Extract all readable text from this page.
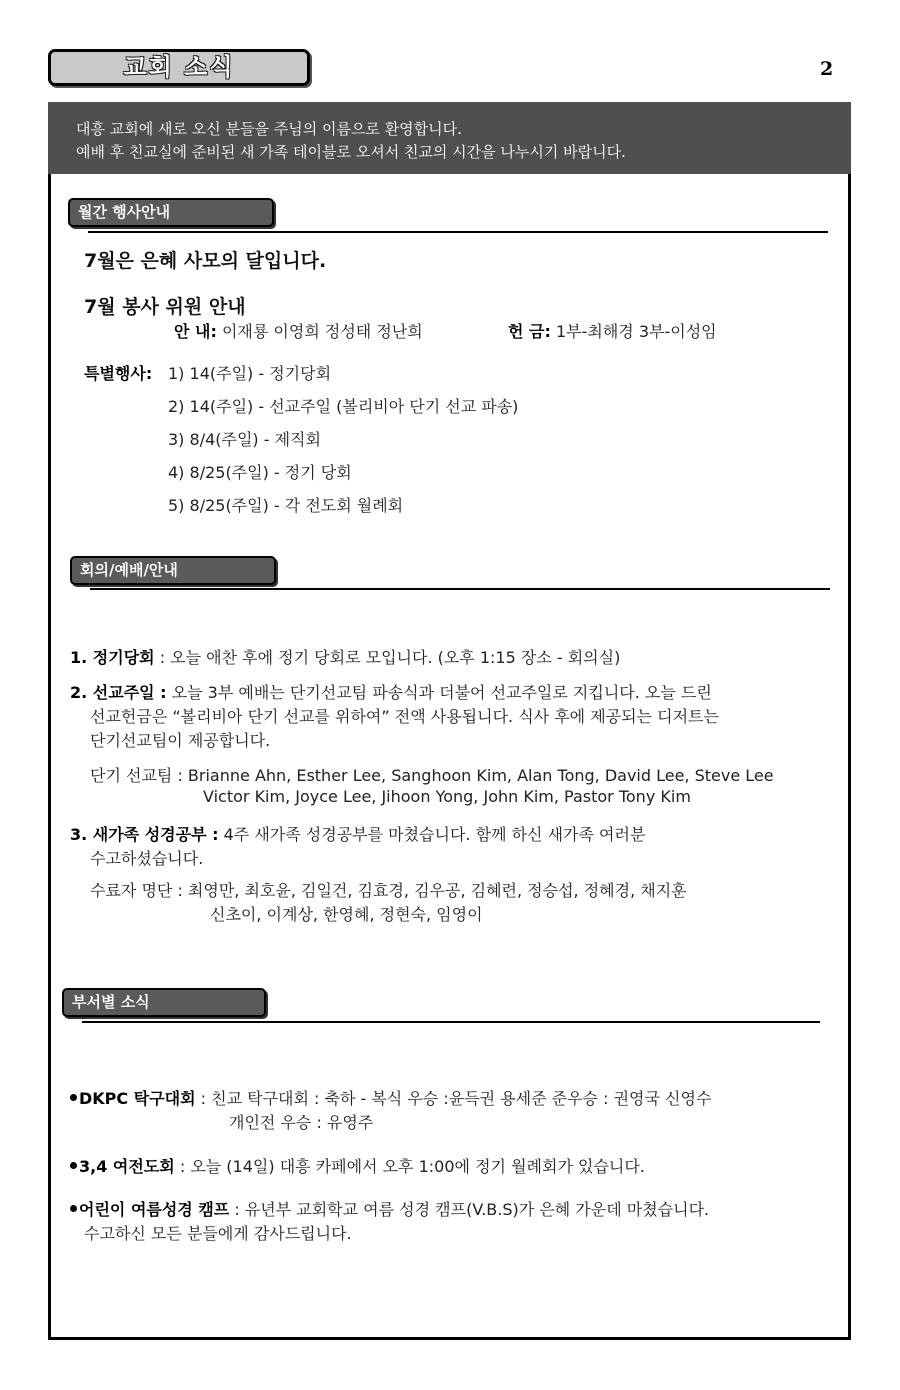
교회 소식	2
대흥 교회에 새로 오신 분들을 주님의 이름으로 환영합니다.
예배 후 친교실에 준비된 새 가족 테이블로 오셔서 친교의 시간을 나누시기 바랍니다.
월간 행사안내
7월은 은혜 사모의 달입니다.
7월 봉사 위원 안내
안 내: 이재룡 이영희 정성태 정난희	헌 금: 1부-최해경 3부-이성임
특별행사: 1) 14(주일) - 정기당회
2) 14(주일) - 선교주일 (볼리비아 단기 선교 파송)
3) 8/4(주일) - 제직회
4) 8/25(주일) - 정기 당회
5) 8/25(주일) - 각 전도회 월례회
회의/예배/안내
1. 정기당회 : 오늘 애찬 후에 정기 당회로 모입니다. (오후 1:15 장소 - 회의실)
2. 선교주일 : 오늘 3부 예배는 단기선교팀 파송식과 더불어 선교주일로 지킵니다. 오늘 드린
선교헌금은 “볼리비아 단기 선교를 위하여” 전액 사용됩니다. 식사 후에 제공되는 디저트는
단기선교팀이 제공합니다.
단기 선교팀 : Brianne Ahn, Esther Lee, Sanghoon Kim, Alan Tong, David Lee, Steve Lee
Victor Kim, Joyce Lee, Jihoon Yong, John Kim, Pastor Tony Kim
3. 새가족 성경공부 : 4주 새가족 성경공부를 마쳤습니다. 함께 하신 새가족 여러분
수고하셨습니다.
수료자 명단 : 최영만, 최호윤, 김일건, 김효경, 김우공, 김혜련, 정승섭, 정혜경, 채지훈
신초이, 이계상, 한영혜, 정현숙, 임영이
부서별 소식
DKPC 탁구대회 : 친교 탁구대회 : 축하 - 복식 우승 :윤득권 용세준 준우승 : 권영국 신영수
개인전 우승 : 유영주
3,4 여전도회 : 오늘 (14일) 대흥 카페에서 오후 1:00에 정기 월례회가 있습니다.
어린이 여름성경 캠프 : 유년부 교회학교 여름 성경 캠프(V.B.S)가 은혜 가운데 마쳤습니다.
수고하신 모든 분들에게 감사드립니다.
